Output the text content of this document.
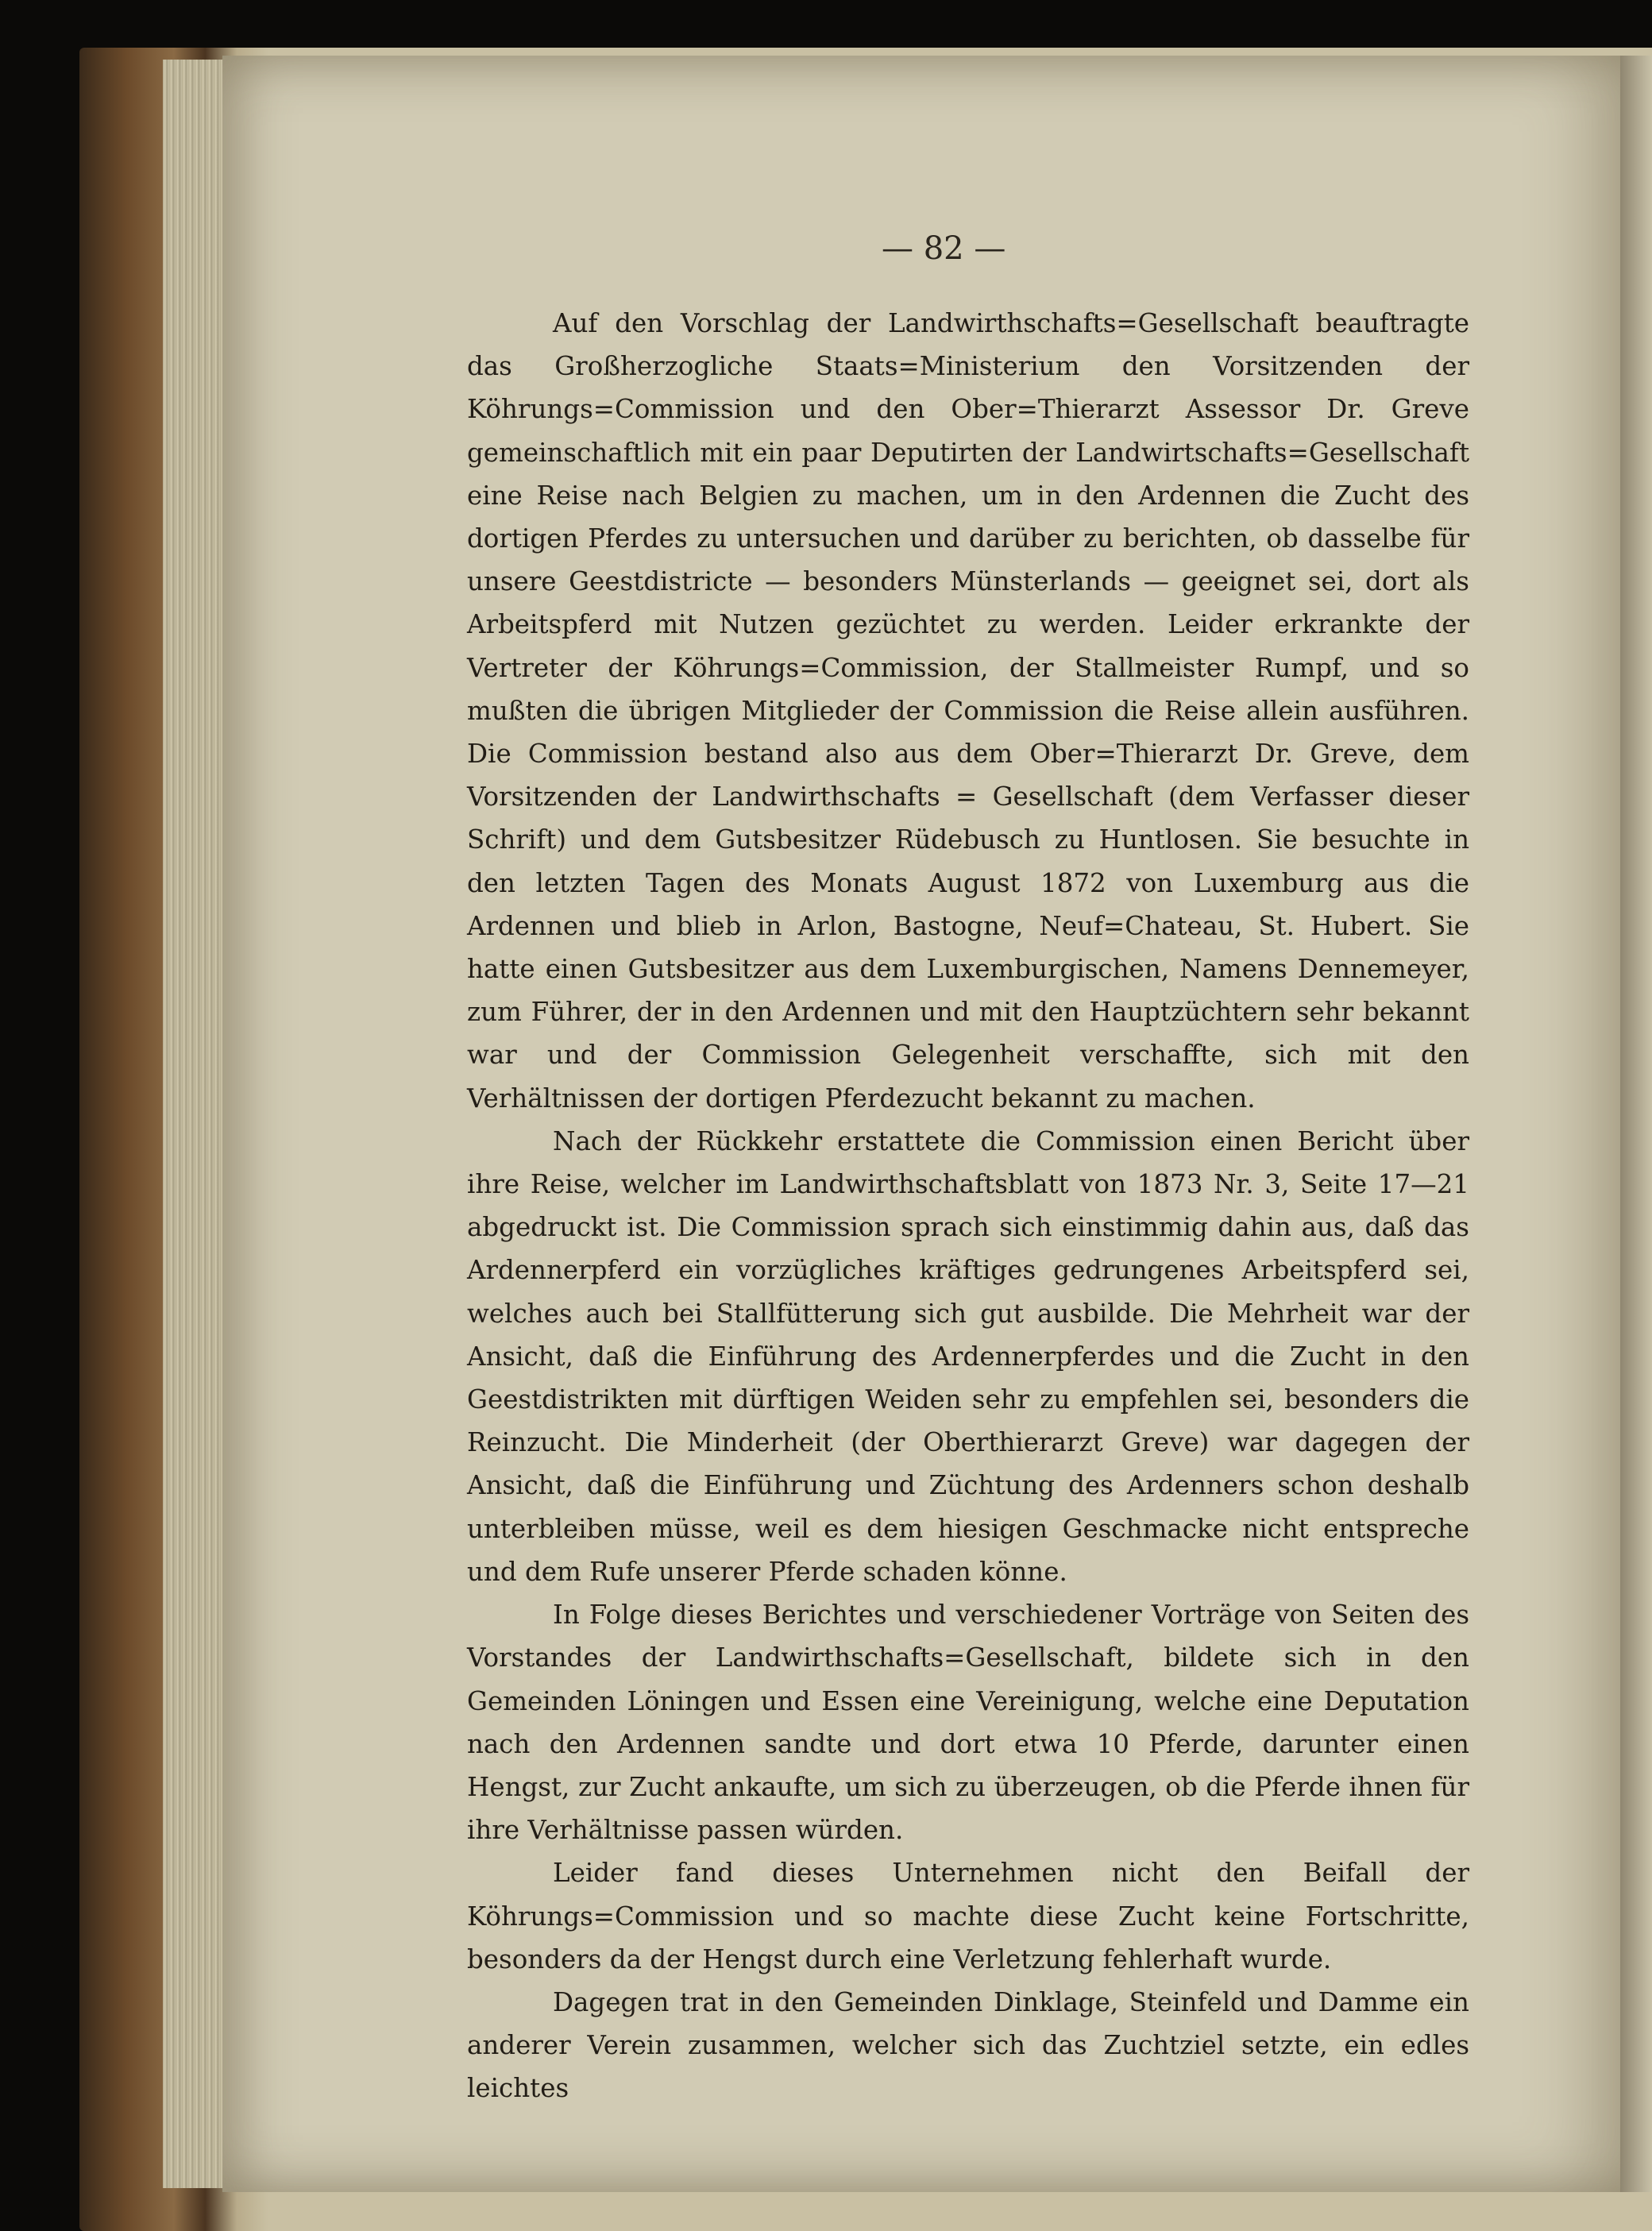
— 82 —

Auf den Vorschlag der Landwirthschafts=Gesellschaft beauftragte das Großherzogliche Staats=Ministerium den Vorsitzenden der Köhrungs=Commission und den Ober=Thierarzt Assessor Dr. Greve gemeinschaftlich mit ein paar Deputirten der Landwirtschafts=Gesellschaft eine Reise nach Belgien zu machen, um in den Ardennen die Zucht des dortigen Pferdes zu untersuchen und darüber zu berichten, ob dasselbe für unsere Geestdistricte — besonders Münsterlands — geeignet sei, dort als Arbeitspferd mit Nutzen gezüchtet zu werden. Leider erkrankte der Vertreter der Köhrungs=Commission, der Stallmeister Rumpf, und so mußten die übrigen Mitglieder der Commission die Reise allein ausführen. Die Commission bestand also aus dem Ober=Thierarzt Dr. Greve, dem Vorsitzenden der Landwirthschafts = Gesellschaft (dem Verfasser dieser Schrift) und dem Gutsbesitzer Rüdebusch zu Huntlosen. Sie besuchte in den letzten Tagen des Monats August 1872 von Luxemburg aus die Ardennen und blieb in Arlon, Bastogne, Neuf=Chateau, St. Hubert. Sie hatte einen Gutsbesitzer aus dem Luxemburgischen, Namens Dennemeyer, zum Führer, der in den Ardennen und mit den Hauptzüchtern sehr bekannt war und der Commission Gelegenheit verschaffte, sich mit den Verhältnissen der dortigen Pferdezucht bekannt zu machen.

Nach der Rückkehr erstattete die Commission einen Bericht über ihre Reise, welcher im Landwirthschaftsblatt von 1873 Nr. 3, Seite 17—21 abgedruckt ist. Die Commission sprach sich einstimmig dahin aus, daß das Ardennerpferd ein vorzügliches kräftiges gedrungenes Arbeitspferd sei, welches auch bei Stallfütterung sich gut ausbilde. Die Mehrheit war der Ansicht, daß die Einführung des Ardennerpferdes und die Zucht in den Geestdistrikten mit dürftigen Weiden sehr zu empfehlen sei, besonders die Reinzucht. Die Minderheit (der Oberthierarzt Greve) war dagegen der Ansicht, daß die Einführung und Züchtung des Ardenners schon deshalb unterbleiben müsse, weil es dem hiesigen Geschmacke nicht entspreche und dem Rufe unserer Pferde schaden könne.

In Folge dieses Berichtes und verschiedener Vorträge von Seiten des Vorstandes der Landwirthschafts=Gesellschaft, bildete sich in den Gemeinden Löningen und Essen eine Vereinigung, welche eine Deputation nach den Ardennen sandte und dort etwa 10 Pferde, darunter einen Hengst, zur Zucht ankaufte, um sich zu überzeugen, ob die Pferde ihnen für ihre Verhältnisse passen würden.

Leider fand dieses Unternehmen nicht den Beifall der Köhrungs=Commission und so machte diese Zucht keine Fortschritte, besonders da der Hengst durch eine Verletzung fehlerhaft wurde.

Dagegen trat in den Gemeinden Dinklage, Steinfeld und Damme ein anderer Verein zusammen, welcher sich das Zuchtziel setzte, ein edles leichtes
